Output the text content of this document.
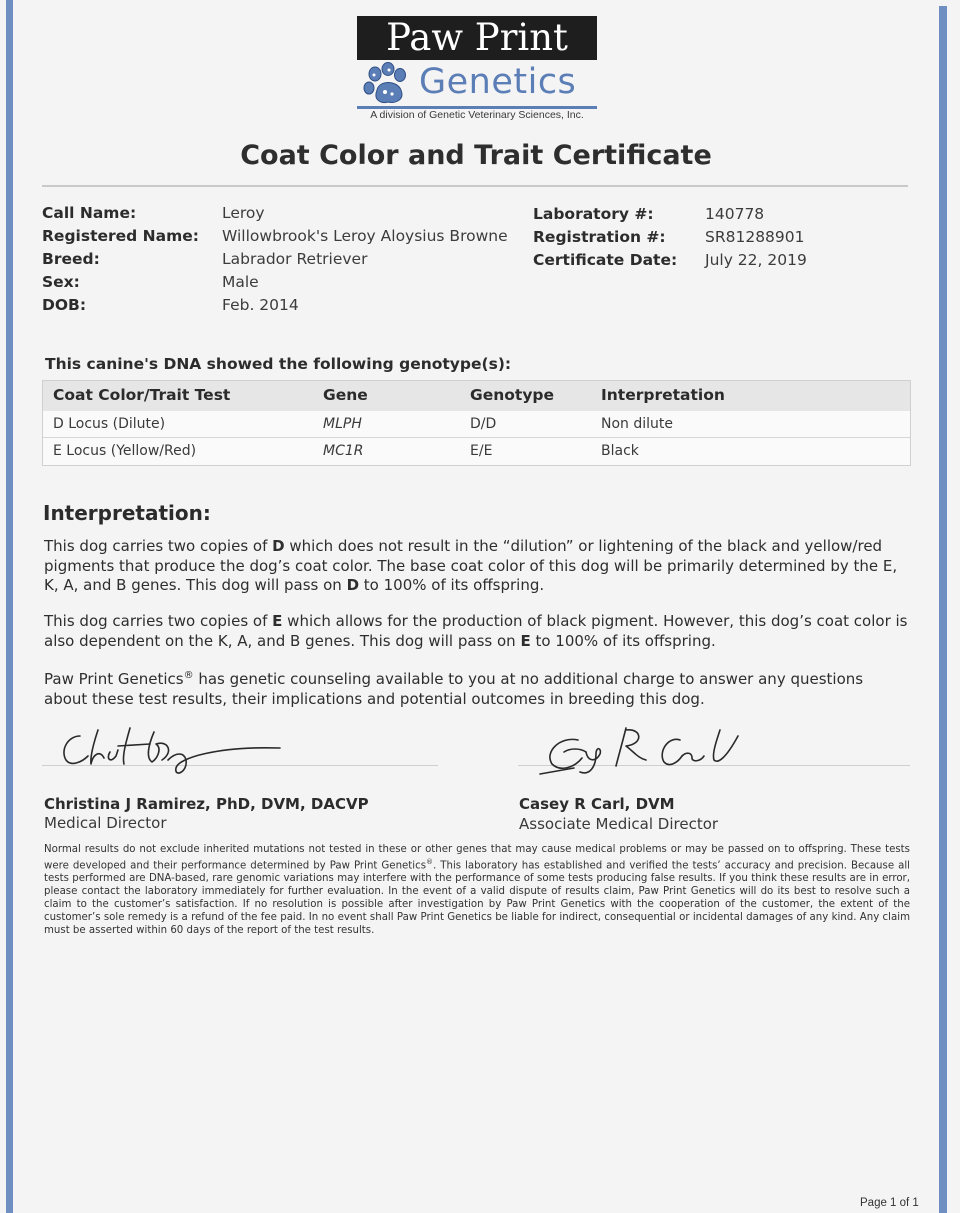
Paw Print
Genetics
A division of Genetic Veterinary Sciences, Inc.
Coat Color and Trait Certificate
Call Name:	Leroy
Registered Name: Willowbrook's Leroy Aloysius Browne
Breed:	Labrador Retriever
Sex:	Male
DOB:	Feb. 2014
Laboratory #:	140778
Registration #:	SR81288901
Certificate Date: July 22, 2019
This canine's DNA showed the following genotype(s):
Coat Color/Trait Test	Gene	Genotype	Interpretation
D Locus (Dilute)	MLPH	D/D	Non dilute
E Locus (Yellow/Red)	MC1R	E/E	Black
Interpretation:
This dog carries two copies of D which does not result in the “dilution” or lightening of the black and yellow/red pigments that produce the dog’s coat color. The base coat color of this dog will be primarily determined by the E, K, A, and B genes. This dog will pass on D to 100% of its offspring.
This dog carries two copies of E which allows for the production of black pigment. However, this dog’s coat color is also dependent on the K, A, and B genes. This dog will pass on E to 100% of its offspring.
Paw Print Genetics® has genetic counseling available to you at no additional charge to answer any questions about these test results, their implications and potential outcomes in breeding this dog.
Christina J Ramirez, PhD, DVM, DACVP
Medical Director
Casey R Carl, DVM
Associate Medical Director
Normal results do not exclude inherited mutations not tested in these or other genes that may cause medical problems or may be passed on to offspring. These tests were developed and their performance determined by Paw Print Genetics®. This laboratory has established and verified the tests’ accuracy and precision. Because all tests performed are DNA-based, rare genomic variations may interfere with the performance of some tests producing false results. If you think these results are in error, please contact the laboratory immediately for further evaluation. In the event of a valid dispute of results claim, Paw Print Genetics will do its best to resolve such a claim to the customer’s satisfaction. If no resolution is possible after investigation by Paw Print Genetics with the cooperation of the customer, the extent of the customer’s sole remedy is a refund of the fee paid. In no event shall Paw Print Genetics be liable for indirect, consequential or incidental damages of any kind. Any claim must be asserted within 60 days of the report of the test results.
Page 1 of 1
